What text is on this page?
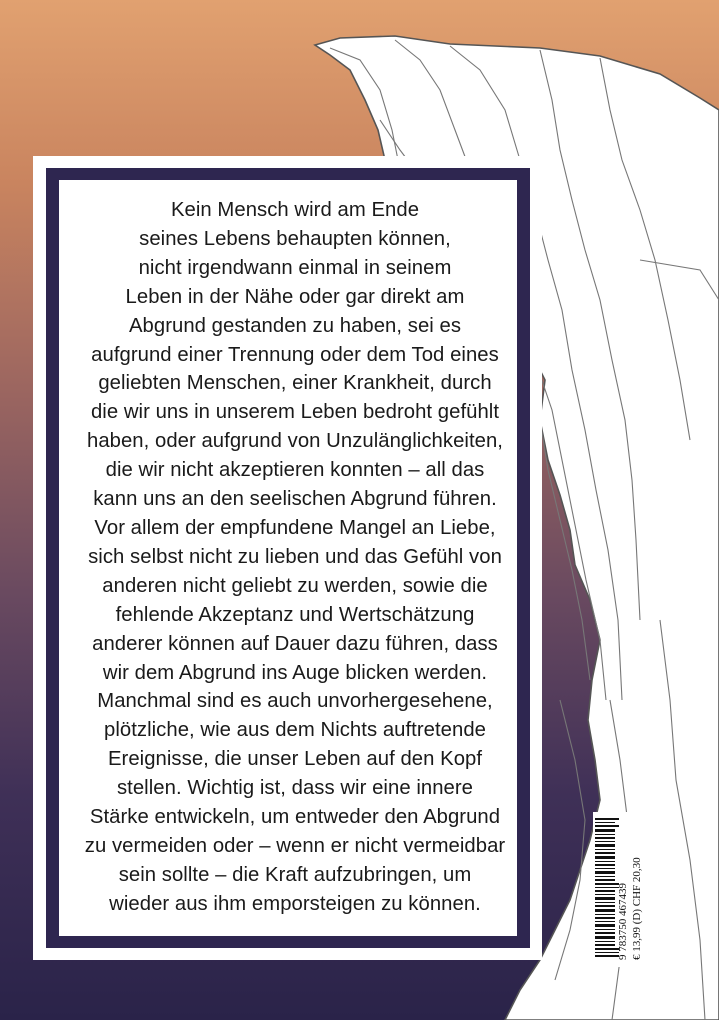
Kein Mensch wird am Ende
seines Lebens behaupten können,
nicht irgendwann einmal in seinem
Leben in der Nähe oder gar direkt am
Abgrund gestanden zu haben, sei es
aufgrund einer Trennung oder dem Tod eines
geliebten Menschen, einer Krankheit, durch
die wir uns in unserem Leben bedroht gefühlt
haben, oder aufgrund von Unzulänglichkeiten,
die wir nicht akzeptieren konnten – all das
kann uns an den seelischen Abgrund führen.
Vor allem der empfundene Mangel an Liebe,
sich selbst nicht zu lieben und das Gefühl von
anderen nicht geliebt zu werden, sowie die
fehlende Akzeptanz und Wertschätzung
anderer können auf Dauer dazu führen, dass
wir dem Abgrund ins Auge blicken werden.
Manchmal sind es auch unvorhergesehene,
plötzliche, wie aus dem Nichts auftretende
Ereignisse, die unser Leben auf den Kopf
stellen. Wichtig ist, dass wir eine innere
Stärke entwickeln, um entweder den Abgrund
zu vermeiden oder – wenn er nicht vermeidbar
sein sollte – die Kraft aufzubringen, um
wieder aus ihm emporsteigen zu können.	9 783750 467439 € 13,99 (D) CHF 20,30
